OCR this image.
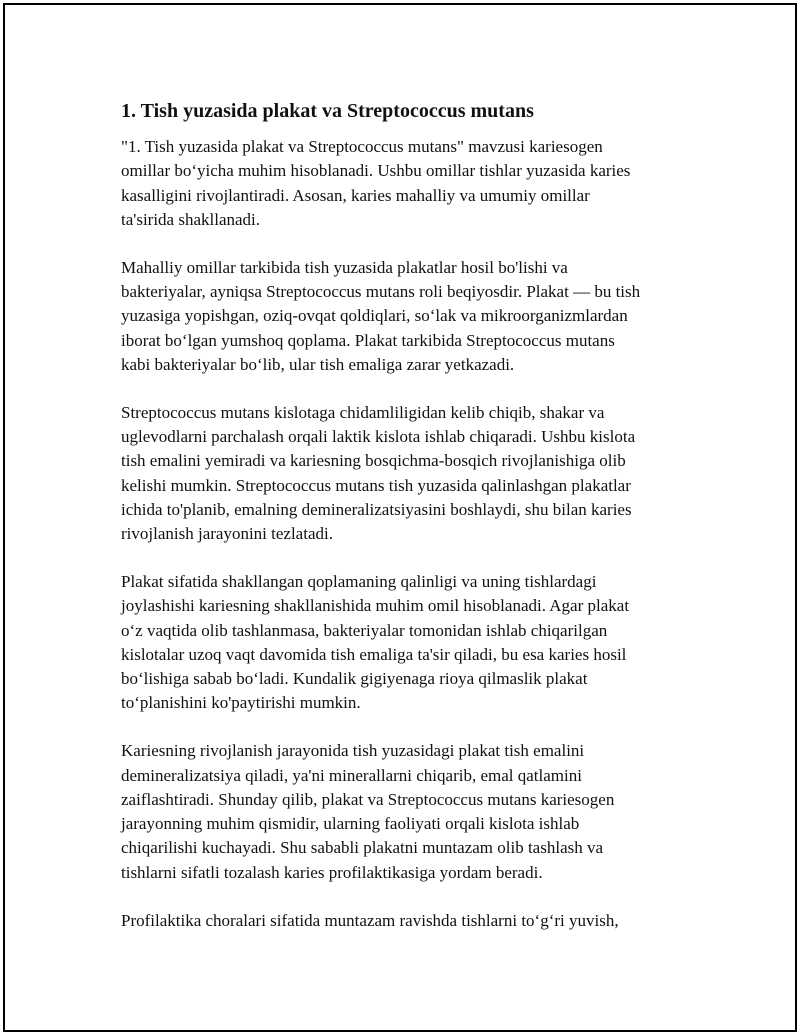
1. Tish yuzasida plakat va Streptococcus mutans
"1. Tish yuzasida plakat va Streptococcus mutans" mavzusi kariesogen
omillar bo‘yicha muhim hisoblanadi. Ushbu omillar tishlar yuzasida karies
kasalligini rivojlantiradi. Asosan, karies mahalliy va umumiy omillar
ta'sirida shakllanadi.
Mahalliy omillar tarkibida tish yuzasida plakatlar hosil bo'lishi va
bakteriyalar, ayniqsa Streptococcus mutans roli beqiyosdir. Plakat — bu tish
yuzasiga yopishgan, oziq-ovqat qoldiqlari, so‘lak va mikroorganizmlardan
iborat bo‘lgan yumshoq qoplama. Plakat tarkibida Streptococcus mutans
kabi bakteriyalar bo‘lib, ular tish emaliga zarar yetkazadi.
Streptococcus mutans kislotaga chidamliligidan kelib chiqib, shakar va
uglevodlarni parchalash orqali laktik kislota ishlab chiqaradi. Ushbu kislota
tish emalini yemiradi va kariesning bosqichma-bosqich rivojlanishiga olib
kelishi mumkin. Streptococcus mutans tish yuzasida qalinlashgan plakatlar
ichida to'planib, emalning demineralizatsiyasini boshlaydi, shu bilan karies
rivojlanish jarayonini tezlatadi.
Plakat sifatida shakllangan qoplamaning qalinligi va uning tishlardagi
joylashishi kariesning shakllanishida muhim omil hisoblanadi. Agar plakat
o‘z vaqtida olib tashlanmasa, bakteriyalar tomonidan ishlab chiqarilgan
kislotalar uzoq vaqt davomida tish emaliga ta'sir qiladi, bu esa karies hosil
bo‘lishiga sabab bo‘ladi. Kundalik gigiyenaga rioya qilmaslik plakat
to‘planishini ko'paytirishi mumkin.
Kariesning rivojlanish jarayonida tish yuzasidagi plakat tish emalini
demineralizatsiya qiladi, ya'ni minerallarni chiqarib, emal qatlamini
zaiflashtiradi. Shunday qilib, plakat va Streptococcus mutans kariesogen
jarayonning muhim qismidir, ularning faoliyati orqali kislota ishlab
chiqarilishi kuchayadi. Shu sababli plakatni muntazam olib tashlash va
tishlarni sifatli tozalash karies profilaktikasiga yordam beradi.
Profilaktika choralari sifatida muntazam ravishda tishlarni to‘g‘ri yuvish,
